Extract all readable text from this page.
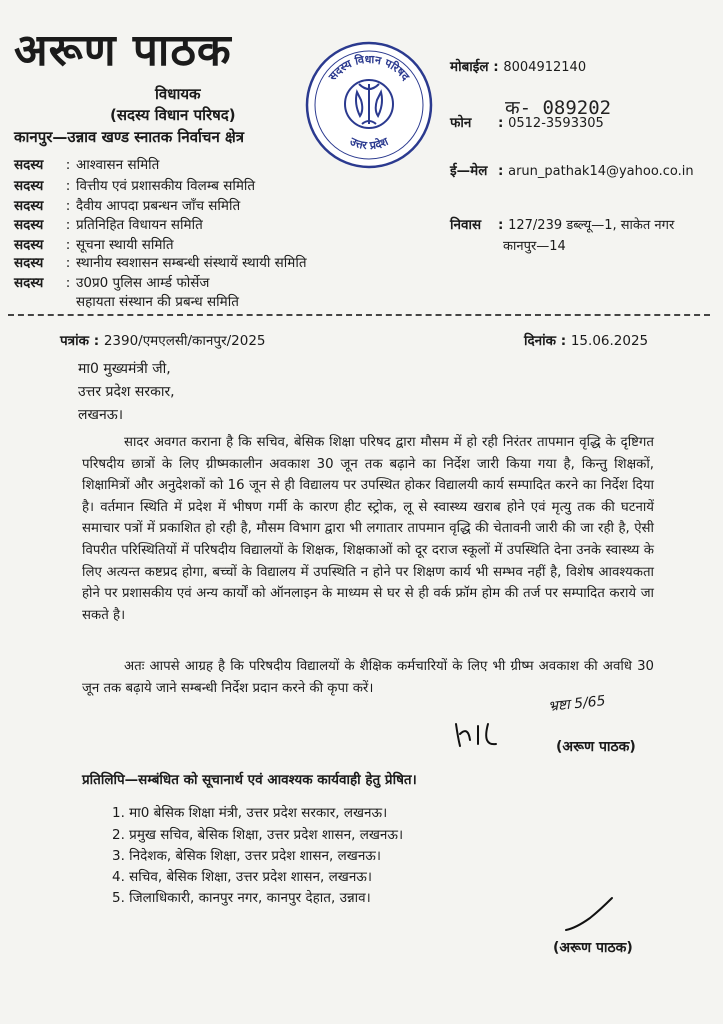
अरूण पाठक
विधायक
(सदस्य विधान परिषद)
कानपुर—उन्नाव खण्ड स्नातक निर्वाचन क्षेत्र
सदस्य : आश्वासन समिति
सदस्य : वित्तीय एवं प्रशासकीय विलम्ब समिति
सदस्य : दैवीय आपदा प्रबन्धन जाँच समिति
सदस्य : प्रतिनिहित विधायन समिति
सदस्य : सूचना स्थायी समिति
सदस्य : स्थानीय स्वशासन सम्बन्धी संस्थायें स्थायी समिति
सदस्य : उ0प्र0 पुलिस आर्म्ड फोर्सेज
सहायता संस्थान की प्रबन्ध समिति
सदस्य विधान परिषद
उत्तर प्रदेश
मोबाईल : 8004912140
क- 089202
फोन : 0512-3593305
ई—मेल : arun_pathak14@yahoo.co.in
निवास : 127/239 डब्ल्यू—1, साकेत नगर
कानपुर—14
पत्रांक : 2390/एमएलसी/कानपुर/2025	दिनांक : 15.06.2025
मा0 मुख्यमंत्री जी,
उत्तर प्रदेश सरकार,
लखनऊ।
सादर अवगत कराना है कि सचिव, बेसिक शिक्षा परिषद द्वारा मौसम में हो रही निरंतर तापमान वृद्धि के दृष्टिगत परिषदीय छात्रों के लिए ग्रीष्मकालीन अवकाश 30 जून तक बढ़ाने का निर्देश जारी किया गया है, किन्तु शिक्षकों, शिक्षामित्रों और अनुदेशकों को 16 जून से ही विद्यालय पर उपस्थित होकर विद्यालयी कार्य सम्पादित करने का निर्देश दिया है। वर्तमान स्थिति में प्रदेश में भीषण गर्मी के कारण हीट स्ट्रोक, लू से स्वास्थ्य खराब होने एवं मृत्यु तक की घटनायें समाचार पत्रों में प्रकाशित हो रही है, मौसम विभाग द्वारा भी लगातार तापमान वृद्धि की चेतावनी जारी की जा रही है, ऐसी विपरीत परिस्थितियों में परिषदीय विद्यालयों के शिक्षक, शिक्षकाओं को दूर दराज स्कूलों में उपस्थिति देना उनके स्वास्थ्य के लिए अत्यन्त कष्टप्रद होगा, बच्चों के विद्यालय में उपस्थिति न होने पर शिक्षण कार्य भी सम्भव नहीं है, विशेष आवश्यकता होने पर प्रशासकीय एवं अन्य कार्यों को ऑनलाइन के माध्यम से घर से ही वर्क फ्रॉम होम की तर्ज पर सम्पादित कराये जा सकते है।
अतः आपसे आग्रह है कि परिषदीय विद्यालयों के शैक्षिक कर्मचारियों के लिए भी ग्रीष्म अवकाश की अवधि 30 जून तक बढ़ाये जाने सम्बन्धी निर्देश प्रदान करने की कृपा करें।
भ्रष्टा 5/65
(अरूण पाठक)
प्रतिलिपि—सम्बंधित को सूचानार्थ एवं आवश्यक कार्यवाही हेतु प्रेषित।
1. मा0 बेसिक शिक्षा मंत्री, उत्तर प्रदेश सरकार, लखनऊ।
2. प्रमुख सचिव, बेसिक शिक्षा, उत्तर प्रदेश शासन, लखनऊ।
3. निदेशक, बेसिक शिक्षा, उत्तर प्रदेश शासन, लखनऊ।
4. सचिव, बेसिक शिक्षा, उत्तर प्रदेश शासन, लखनऊ।
5. जिलाधिकारी, कानपुर नगर, कानपुर देहात, उन्नाव।
(अरूण पाठक)
